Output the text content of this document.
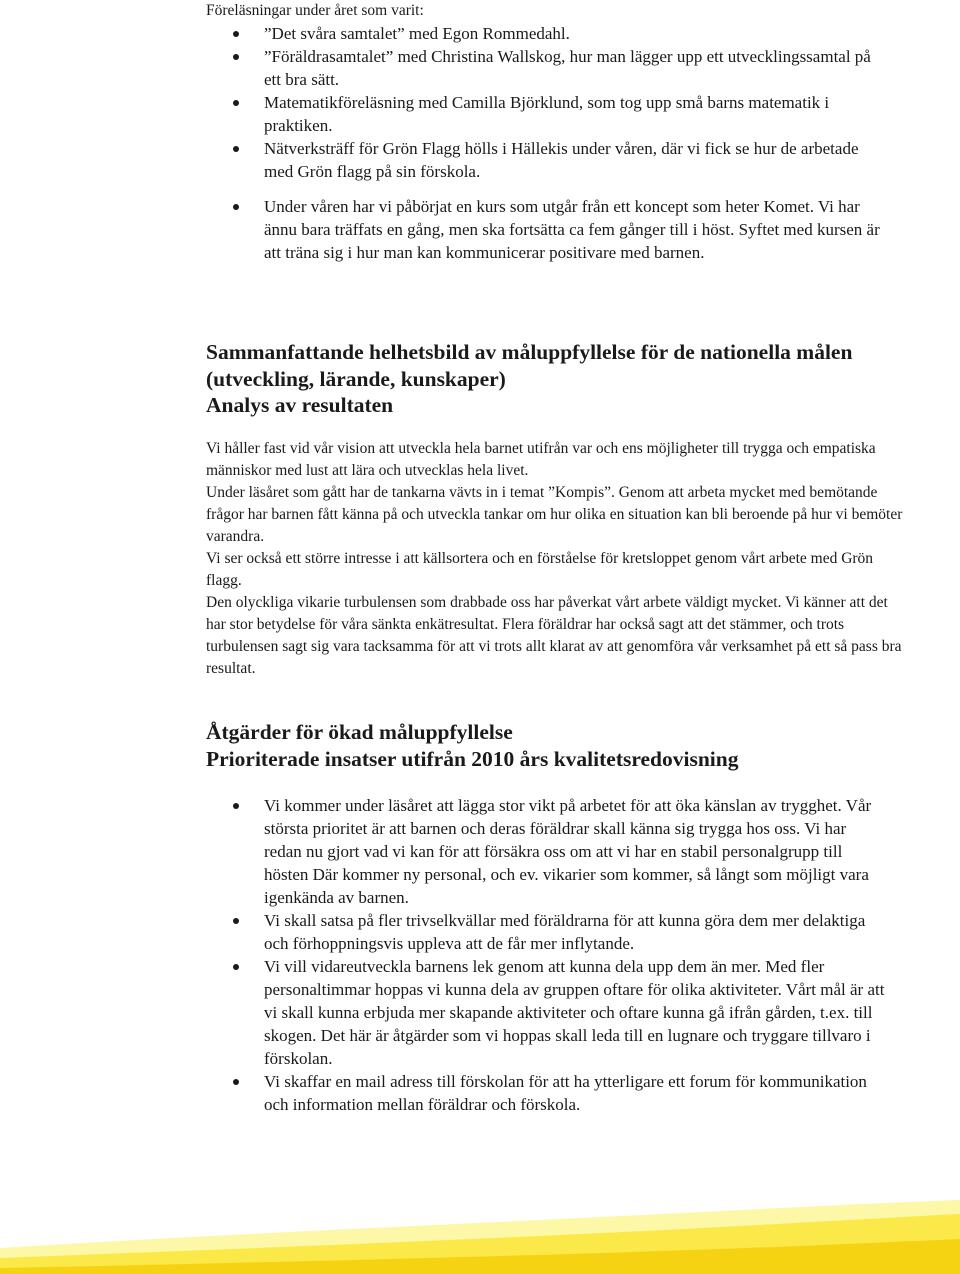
Föreläsningar under året som varit:
”Det svåra samtalet” med Egon Rommedahl.
”Föräldrasamtalet” med Christina Wallskog, hur man lägger upp ett utvecklingssamtal på ett bra sätt.
Matematikföreläsning med Camilla Björklund, som tog upp små barns matematik i praktiken.
Nätverksträff för Grön Flagg hölls i Hällekis under våren, där vi fick se hur de arbetade med Grön flagg på sin förskola.
Under våren har vi påbörjat en kurs som utgår från ett koncept som heter Komet. Vi har ännu bara träffats en gång, men ska fortsätta ca fem gånger till i höst. Syftet med kursen är att träna sig i hur man kan kommunicerar positivare med barnen.
Sammanfattande helhetsbild av måluppfyllelse för de nationella målen
(utveckling, lärande, kunskaper)
Analys av resultaten

Vi håller fast vid vår vision att utveckla hela barnet utifrån var och ens möjligheter till trygga och empatiska människor med lust att lära och utvecklas hela livet.

Under läsåret som gått har de tankarna vävts in i temat ”Kompis”. Genom att arbeta mycket med bemötande frågor har barnen fått känna på och utveckla tankar om hur olika en situation kan bli beroende på hur vi bemöter varandra.

Vi ser också ett större intresse i att källsortera och en förståelse för kretsloppet genom vårt arbete med Grön flagg.

Den olyckliga vikarie turbulensen som drabbade oss har påverkat vårt arbete väldigt mycket. Vi känner att det har stor betydelse för våra sänkta enkätresultat. Flera föräldrar har också sagt att det stämmer, och trots turbulensen sagt sig vara tacksamma för att vi trots allt klarat av att genomföra vår verksamhet på ett så pass bra resultat.

Åtgärder för ökad måluppfyllelse
Prioriterade insatser utifrån 2010 års kvalitetsredovisning
Vi kommer under läsåret att lägga stor vikt på arbetet för att öka känslan av trygghet. Vår största prioritet är att barnen och deras föräldrar skall känna sig trygga hos oss. Vi har redan nu gjort vad vi kan för att försäkra oss om att vi har en stabil personalgrupp till hösten Där kommer ny personal, och ev. vikarier som kommer, så långt som möjligt vara igenkända av barnen.
Vi skall satsa på fler trivselkvällar med föräldrarna för att kunna göra dem mer delaktiga och förhoppningsvis uppleva att de får mer inflytande.
Vi vill vidareutveckla barnens lek genom att kunna dela upp dem än mer. Med fler personaltimmar hoppas vi kunna dela av gruppen oftare för olika aktiviteter. Vårt mål är att vi skall kunna erbjuda mer skapande aktiviteter och oftare kunna gå ifrån gården, t.ex. till skogen. Det här är åtgärder som vi hoppas skall leda till en lugnare och tryggare tillvaro i förskolan.
Vi skaffar en mail adress till förskolan för att ha ytterligare ett forum för kommunikation och information mellan föräldrar och förskola.
